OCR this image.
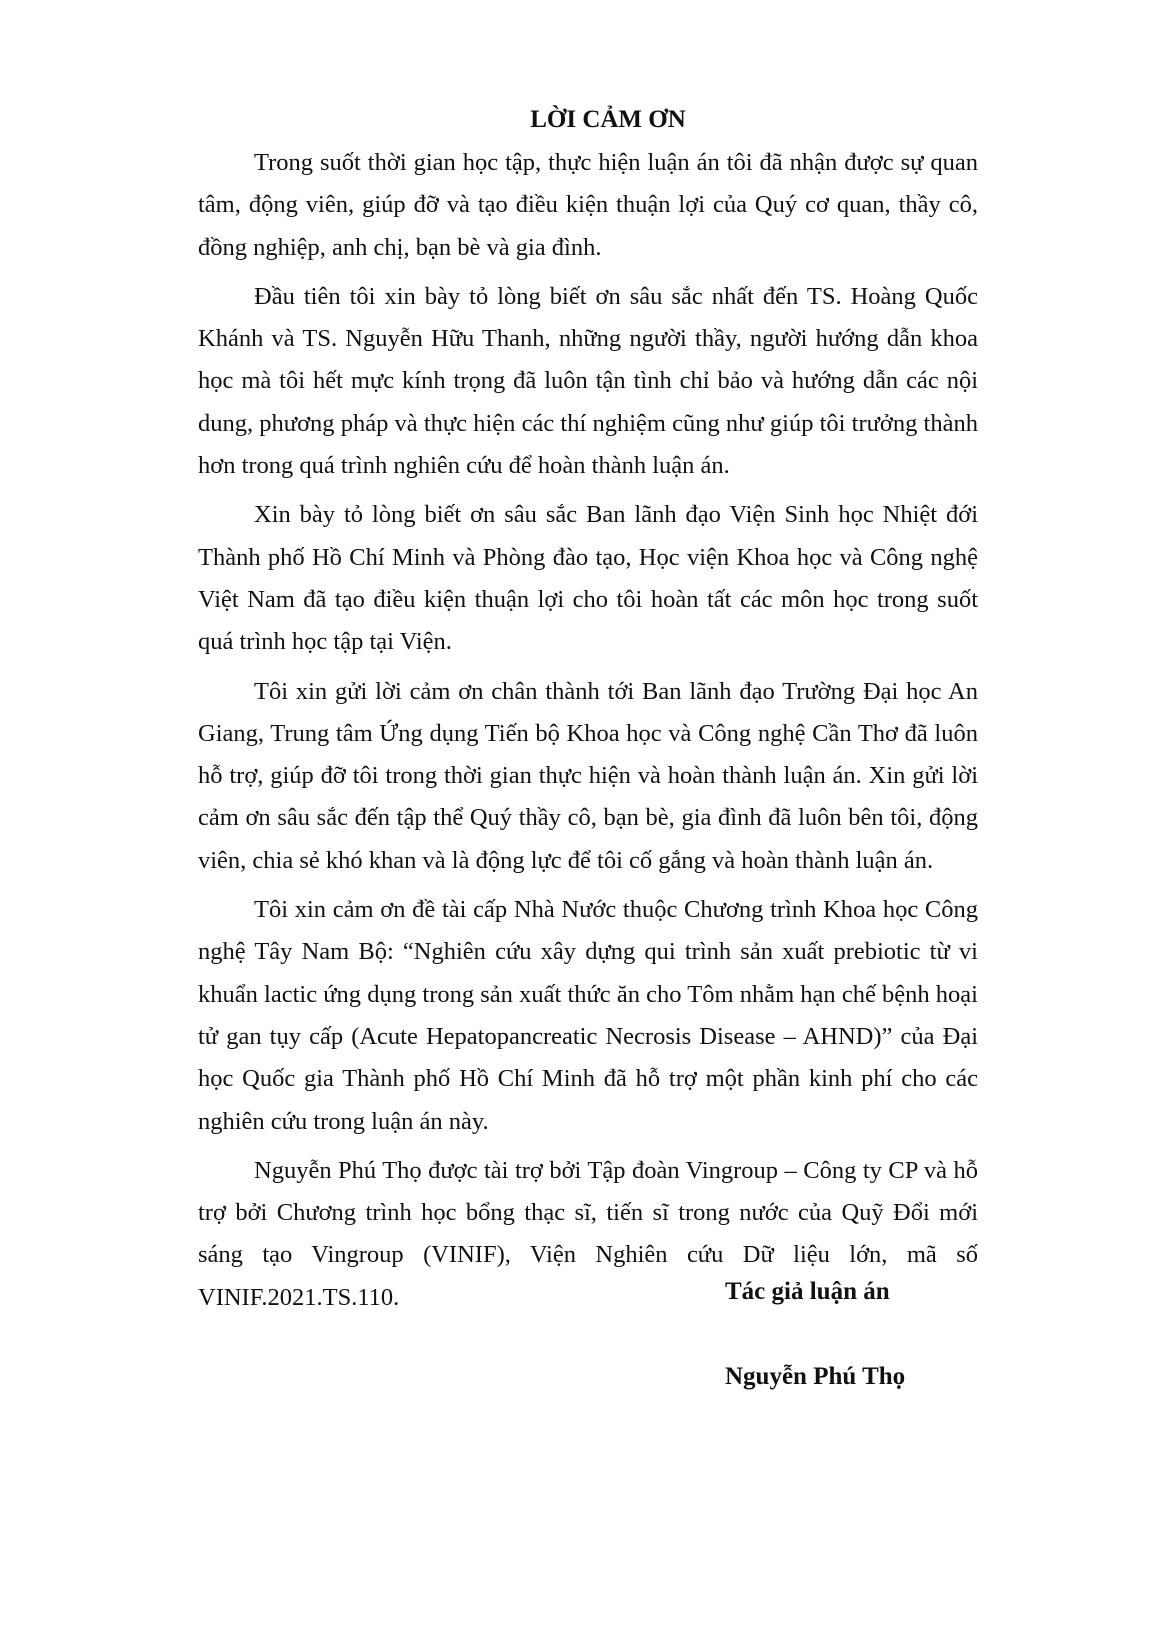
LỜI CẢM ƠN

Trong suốt thời gian học tập, thực hiện luận án tôi đã nhận được sự quan tâm, động viên, giúp đỡ và tạo điều kiện thuận lợi của Quý cơ quan, thầy cô, đồng nghiệp, anh chị, bạn bè và gia đình.

Đầu tiên tôi xin bày tỏ lòng biết ơn sâu sắc nhất đến TS. Hoàng Quốc Khánh và TS. Nguyễn Hữu Thanh, những người thầy, người hướng dẫn khoa học mà tôi hết mực kính trọng đã luôn tận tình chỉ bảo và hướng dẫn các nội dung, phương pháp và thực hiện các thí nghiệm cũng như giúp tôi trưởng thành hơn trong quá trình nghiên cứu để hoàn thành luận án.

Xin bày tỏ lòng biết ơn sâu sắc Ban lãnh đạo Viện Sinh học Nhiệt đới Thành phố Hồ Chí Minh và Phòng đào tạo, Học viện Khoa học và Công nghệ Việt Nam đã tạo điều kiện thuận lợi cho tôi hoàn tất các môn học trong suốt quá trình học tập tại Viện.

Tôi xin gửi lời cảm ơn chân thành tới Ban lãnh đạo Trường Đại học An Giang, Trung tâm Ứng dụng Tiến bộ Khoa học và Công nghệ Cần Thơ đã luôn hỗ trợ, giúp đỡ tôi trong thời gian thực hiện và hoàn thành luận án. Xin gửi lời cảm ơn sâu sắc đến tập thể Quý thầy cô, bạn bè, gia đình đã luôn bên tôi, động viên, chia sẻ khó khan và là động lực để tôi cố gắng và hoàn thành luận án.

Tôi xin cảm ơn đề tài cấp Nhà Nước thuộc Chương trình Khoa học Công nghệ Tây Nam Bộ: “Nghiên cứu xây dựng qui trình sản xuất prebiotic từ vi khuẩn lactic ứng dụng trong sản xuất thức ăn cho Tôm nhằm hạn chế bệnh hoại tử gan tụy cấp (Acute Hepatopancreatic Necrosis Disease – AHND)” của Đại học Quốc gia Thành phố Hồ Chí Minh đã hỗ trợ một phần kinh phí cho các nghiên cứu trong luận án này.

Nguyễn Phú Thọ được tài trợ bởi Tập đoàn Vingroup – Công ty CP và hỗ trợ bởi Chương trình học bổng thạc sĩ, tiến sĩ trong nước của Quỹ Đổi mới sáng tạo Vingroup (VINIF), Viện Nghiên cứu Dữ liệu lớn, mã số VINIF.2021.TS.110.	Tác giả luận án
Nguyễn Phú Thọ
